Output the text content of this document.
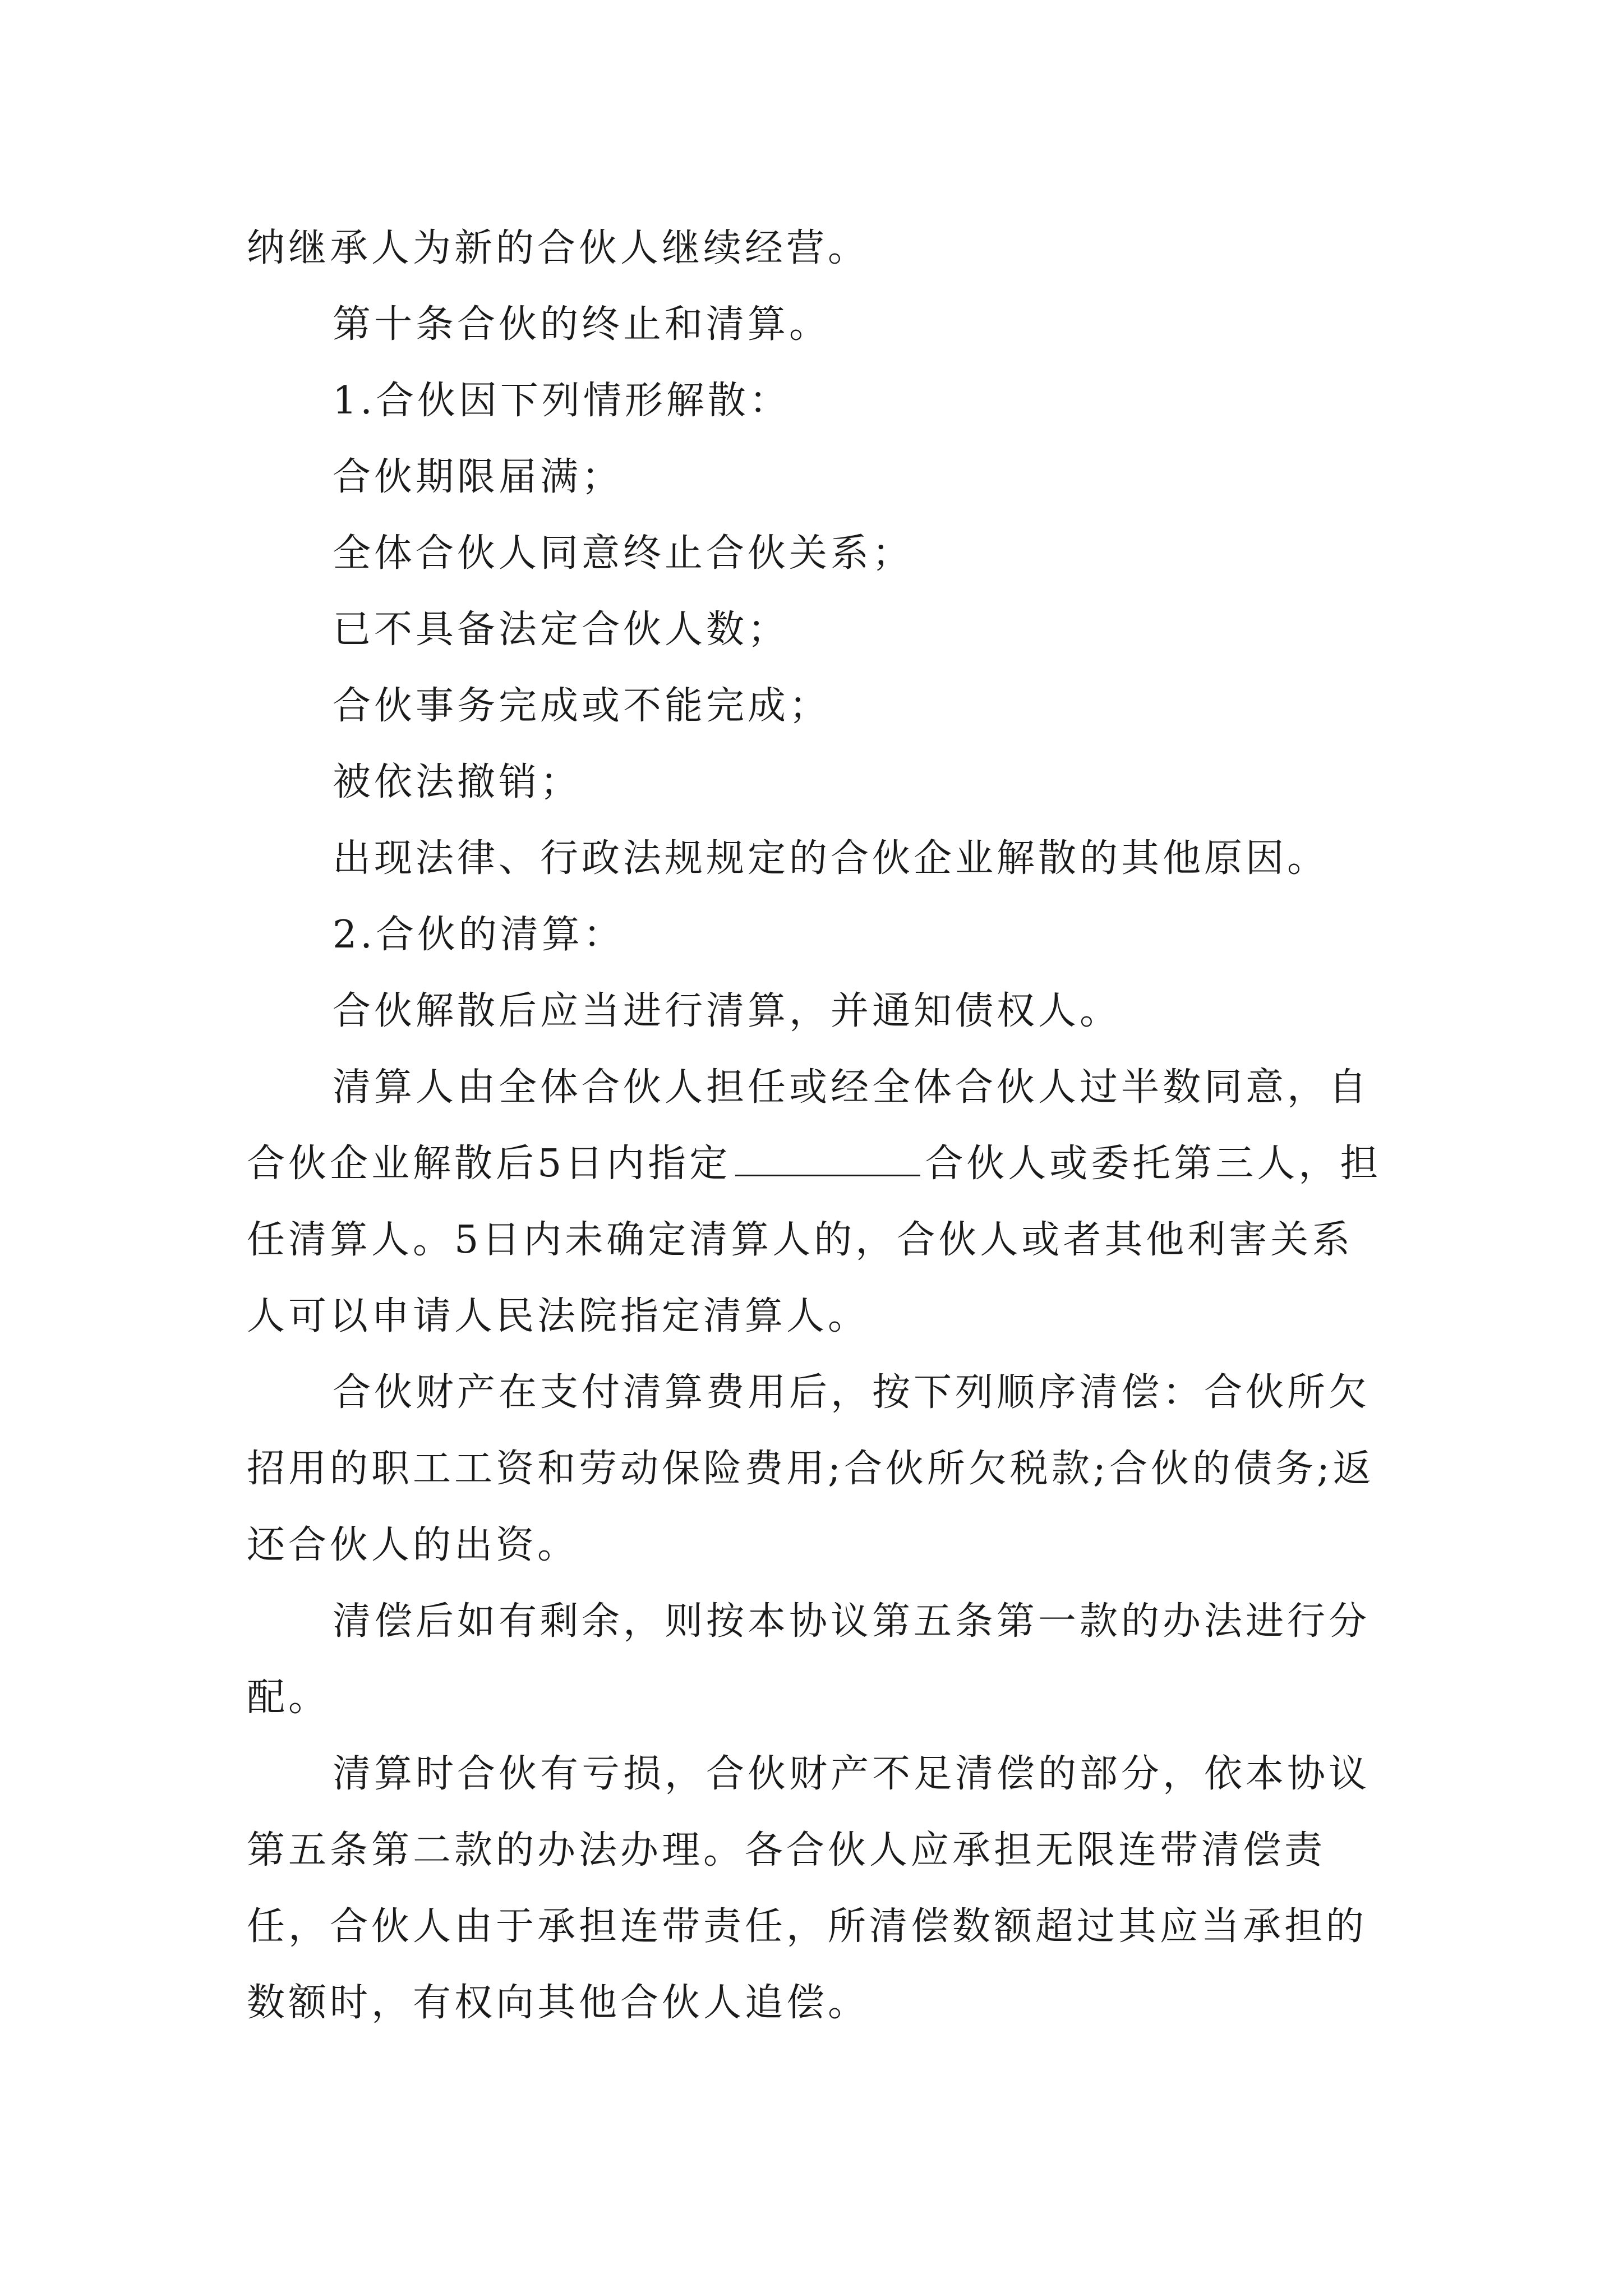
纳继承人为新的合伙人继续经营。

第十条合伙的终止和清算。

1.合伙因下列情形解散：

合伙期限届满；

全体合伙人同意终止合伙关系；

已不具备法定合伙人数；

合伙事务完成或不能完成；

被依法撤销；

出现法律、行政法规规定的合伙企业解散的其他原因。

2.合伙的清算：

合伙解散后应当进行清算，并通知债权人。

清算人由全体合伙人担任或经全体合伙人过半数同意，自合伙企业解散后5日内指定	合伙人或委托第三人，担任清算人。5日内未确定清算人的，合伙人或者其他利害关系人可以申请人民法院指定清算人。

合伙财产在支付清算费用后，按下列顺序清偿：合伙所欠招用的职工工资和劳动保险费用;合伙所欠税款;合伙的债务;返还合伙人的出资。

清偿后如有剩余，则按本协议第五条第一款的办法进行分配。

清算时合伙有亏损，合伙财产不足清偿的部分，依本协议第五条第二款的办法办理。各合伙人应承担无限连带清偿责任，合伙人由于承担连带责任，所清偿数额超过其应当承担的数额时，有权向其他合伙人追偿。
